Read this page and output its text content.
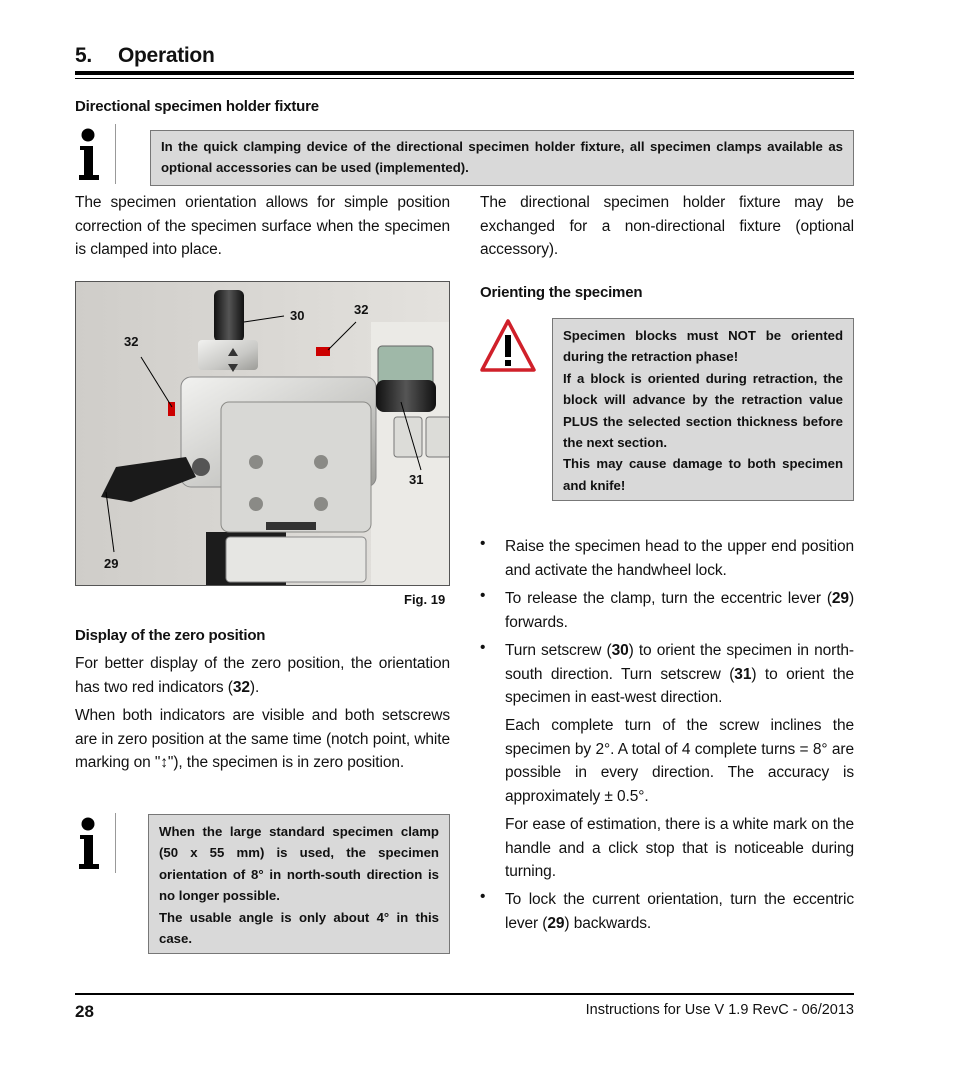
5. Operation
Directional specimen holder fixture
In the quick clamping device of the directional specimen holder fixture, all specimen clamps available as optional accessories can be used (implemented).
The specimen orientation allows for simple position correction of the specimen surface when the specimen is clamped into place.
The directional specimen holder fixture may be exchanged for a non-directional fixture (optional accessory).
30	32
32
31
29
Fig. 19
Display of the zero position
For better display of the zero position, the orientation has two red indicators (32).
When both indicators are visible and both setscrews are in zero position at the same time (notch point, white marking on "↕"), the specimen is in zero position.
When the large standard specimen clamp (50 x 55 mm) is used, the specimen orientation of 8° in north-south direction is no longer possible.
The usable angle is only about 4° in this case.
Orienting the specimen
Specimen blocks must NOT be oriented during the retraction phase!
If a block is oriented during retraction, the block will advance by the retraction value PLUS the selected section thickness before the next section.
This may cause damage to both specimen and knife!
• Raise the specimen head to the upper end position and activate the handwheel lock.
• To release the clamp, turn the eccentric lever (29) forwards.
• Turn setscrew (30) to orient the specimen in north-south direction. Turn setscrew (31) to orient the specimen in east-west direction.
Each complete turn of the screw inclines the specimen by 2°. A total of 4 complete turns = 8° are possible in every direction. The accuracy is approximately ± 0.5°.
For ease of estimation, there is a white mark on the handle and a click stop that is noticeable during turning.
• To lock the current orientation, turn the eccentric lever (29) backwards.
28	Instructions for Use V 1.9 RevC - 06/2013
